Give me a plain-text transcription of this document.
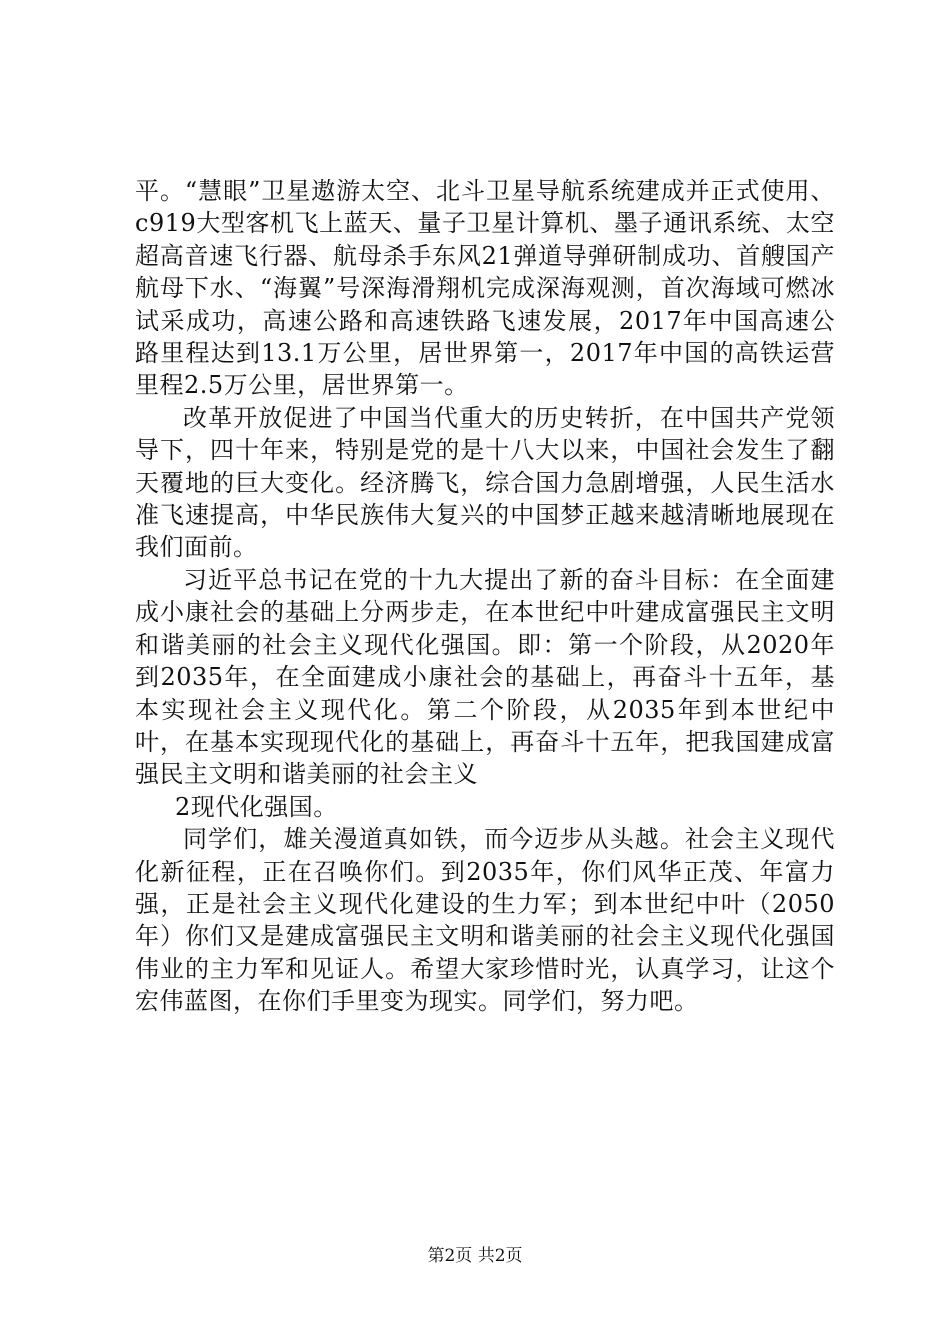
平。“慧眼”卫星遨游太空、北斗卫星导航系统建成并正式使用、c919大型客机飞上蓝天、量子卫星计算机、墨子通讯系统、太空超高音速飞行器、航母杀手东风21弹道导弹研制成功、首艘国产航母下水、“海翼”号深海滑翔机完成深海观测，首次海域可燃冰试采成功，高速公路和高速铁路飞速发展，2017年中国高速公路里程达到13.1万公里，居世界第一，2017年中国的高铁运营里程2.5万公里，居世界第一。

改革开放促进了中国当代重大的历史转折，在中国共产党领导下，四十年来，特别是党的是十八大以来，中国社会发生了翻天覆地的巨大变化。经济腾飞，综合国力急剧增强，人民生活水准飞速提高，中华民族伟大复兴的中国梦正越来越清晰地展现在我们面前。

习近平总书记在党的十九大提出了新的奋斗目标：在全面建成小康社会的基础上分两步走，在本世纪中叶建成富强民主文明和谐美丽的社会主义现代化强国。即：第一个阶段，从2020年到2035年，在全面建成小康社会的基础上，再奋斗十五年，基本实现社会主义现代化。第二个阶段，从2035年到本世纪中叶，在基本实现现代化的基础上，再奋斗十五年，把我国建成富强民主文明和谐美丽的社会主义

2现代化强国。

同学们，雄关漫道真如铁，而今迈步从头越。社会主义现代化新征程，正在召唤你们。到2035年，你们风华正茂、年富力强，正是社会主义现代化建设的生力军；到本世纪中叶（2050年）你们又是建成富强民主文明和谐美丽的社会主义现代化强国伟业的主力军和见证人。希望大家珍惜时光，认真学习，让这个宏伟蓝图，在你们手里变为现实。同学们，努力吧。

第2页 共2页
